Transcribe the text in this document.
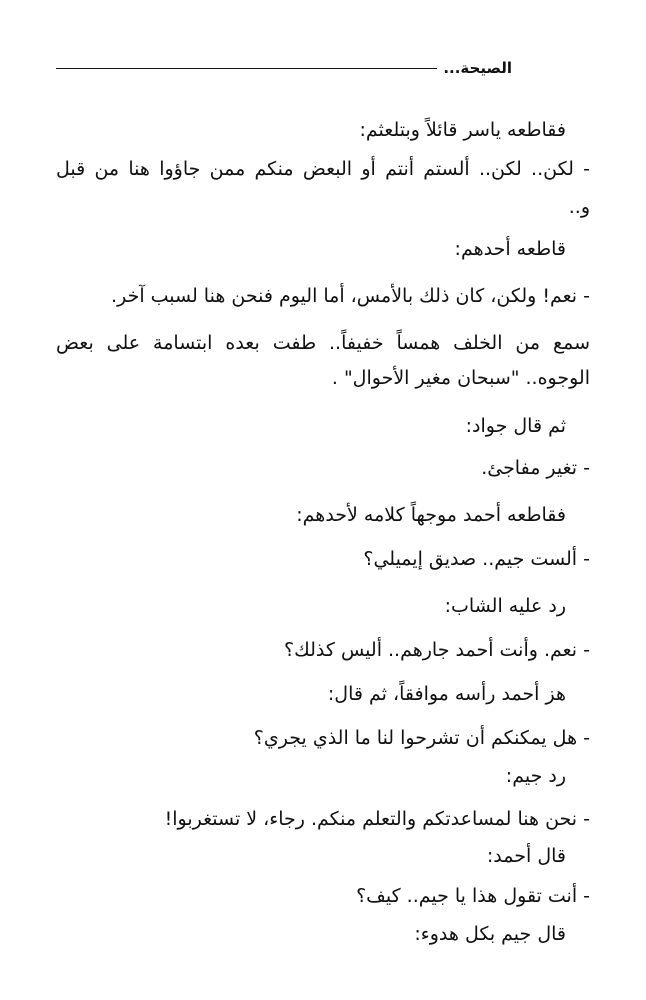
الصيحة...
فقاطعه ياسر قائلاً وبتلعثم:
- لكن.. لكن.. ألستم أنتم أو البعض منكم ممن جاؤوا هنا من قبل
و..
قاطعه أحدهم:
- نعم! ولكن، كان ذلك بالأمس، أما اليوم فنحن هنا لسبب آخر.
سمع من الخلف همساً خفيفاً.. طفت بعده ابتسامة على بعض
الوجوه.. "سبحان مغير الأحوال" .
ثم قال جواد:
- تغير مفاجئ.
فقاطعه أحمد موجهاً كلامه لأحدهم:
- ألست جيم.. صديق إيميلي؟
رد عليه الشاب:
- نعم. وأنت أحمد جارهم.. أليس كذلك؟
هز أحمد رأسه موافقاً، ثم قال:
- هل يمكنكم أن تشرحوا لنا ما الذي يجري؟
رد جيم:
- نحن هنا لمساعدتكم والتعلم منكم. رجاء، لا تستغربوا!
قال أحمد:
- أنت تقول هذا يا جيم.. كيف؟
قال جيم بكل هدوء:
